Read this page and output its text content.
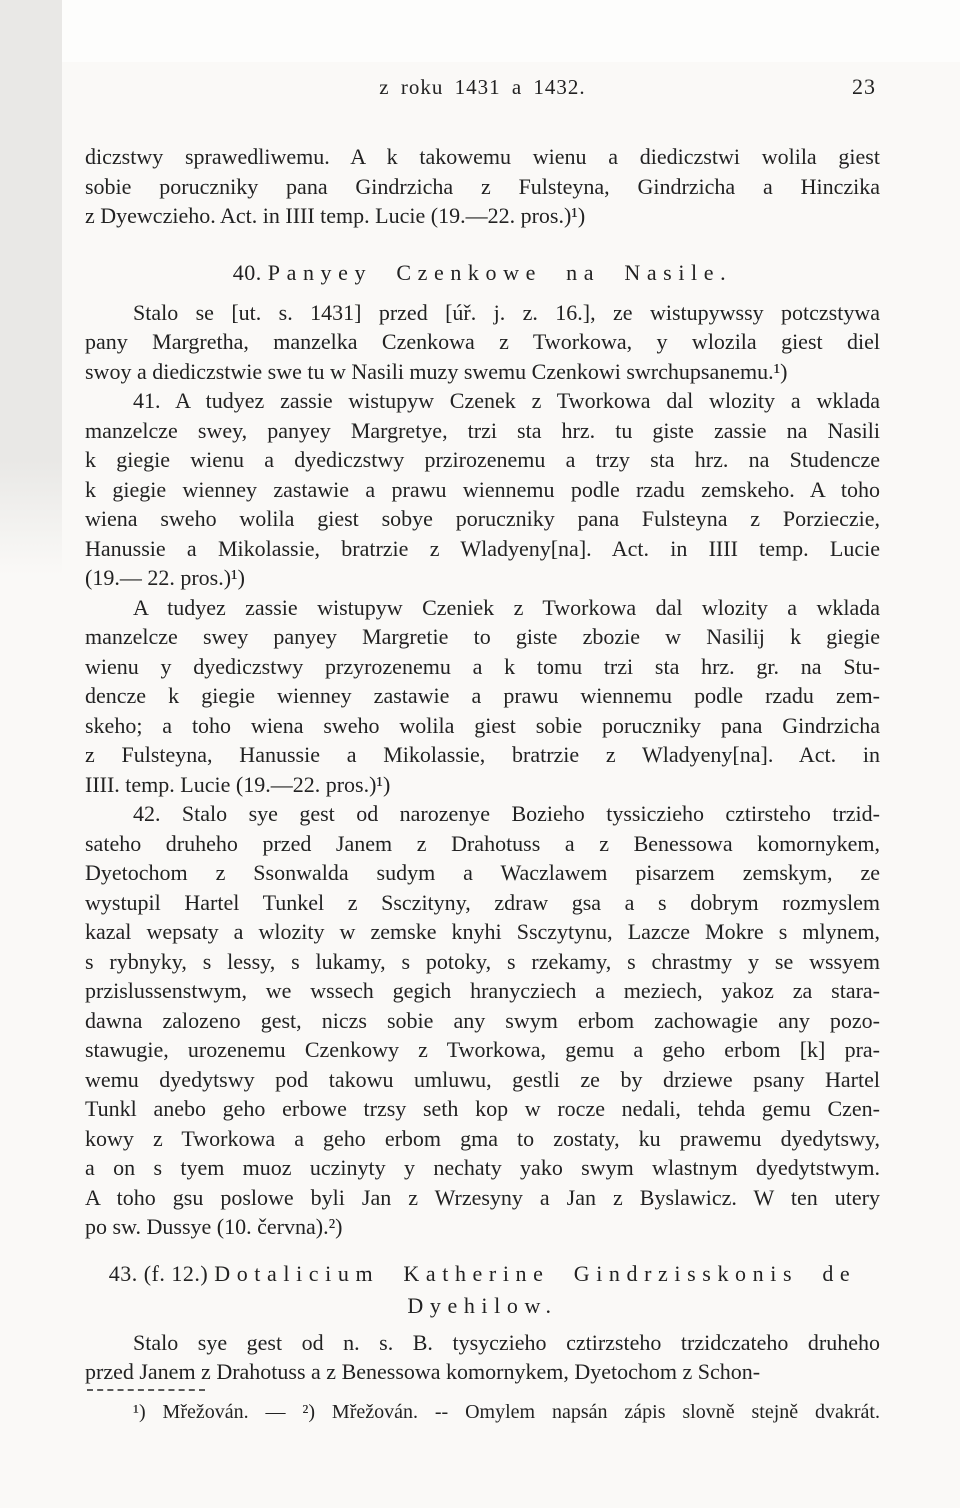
z roku 1431 a 1432.	23
diczstwy sprawedliwemu. A k takowemu wienu a diediczstwi wolila giest
sobie poruczniky pana Gindrzicha z Fulsteyna, Gindrzicha a Hinczika
z Dyewczieho. Act. in IIII temp. Lucie (19.—22. pros.)¹)
40. Panyey Czenkowe na Nasile.
Stalo se [ut. s. 1431] przed [úř. j. z. 16.], ze wistupywssy potczstywa
pany Margretha, manzelka Czenkowa z Tworkowa, y wlozila giest diel
swoy a diediczstwie swe tu w Nasili muzy swemu Czenkowi swrchupsanemu.¹)
41. A tudyez zassie wistupyw Czenek z Tworkowa dal wlozity a wklada
manzelcze swey, panyey Margretye, trzi sta hrz. tu giste zassie na Nasili
k giegie wienu a dyediczstwy przirozenemu a trzy sta hrz. na Studencze
k giegie wienney zastawie a prawu wiennemu podle rzadu zemskeho. A toho
wiena sweho wolila giest sobye poruczniky pana Fulsteyna z Porzieczie,
Hanussie a Mikolassie, bratrzie z Wladyeny[na]. Act. in IIII temp. Lucie
(19.— 22. pros.)¹)
A tudyez zassie wistupyw Czeniek z Tworkowa dal wlozity a wklada
manzelcze swey panyey Margretie to giste zbozie w Nasilij k giegie
wienu y dyediczstwy przyrozenemu a k tomu trzi sta hrz. gr. na Stu-
dencze k giegie wienney zastawie a prawu wiennemu podle rzadu zem-
skeho; a toho wiena sweho wolila giest sobie poruczniky pana Gindrzicha
z Fulsteyna, Hanussie a Mikolassie, bratrzie z Wladyeny[na]. Act. in
IIII. temp. Lucie (19.—22. pros.)¹)
42. Stalo sye gest od narozenye Bozieho tyssiczieho cztirsteho trzid-
sateho druheho przed Janem z Drahotuss a z Benessowa komornykem,
Dyetochom z Ssonwalda sudym a Waczlawem pisarzem zemskym, ze
wystupil Hartel Tunkel z Ssczityny, zdraw gsa a s dobrym rozmyslem
kazal wepsaty a wlozity w zemske knyhi Ssczytynu, Lazcze Mokre s mlynem,
s rybnyky, s lessy, s lukamy, s potoky, s rzekamy, s chrastmy y se wssyem
przislussenstwym, we wssech gegich hranycziech a meziech, yakoz za stara-
dawna zalozeno gest, niczs sobie any swym erbom zachowagie any pozo-
stawugie, urozenemu Czenkowy z Tworkowa, gemu a geho erbom [k] pra-
wemu dyedytswy pod takowu umluwu, gestli ze by drziewe psany Hartel
Tunkl anebo geho erbowe trzsy seth kop w rocze nedali, tehda gemu Czen-
kowy z Tworkowa a geho erbom gma to zostaty, ku prawemu dyedytswy,
a on s tyem muoz uczinyty y nechaty yako swym wlastnym dyedytstwym.
A toho gsu poslowe byli Jan z Wrzesyny a Jan z Byslawicz. W ten utery
po sw. Dussye (10. června).²)
43. (f. 12.) Dotalicium Katherine Gindrzisskonis de
Dyehilow.
Stalo sye gest od n. s. B. tysyczieho cztirzsteho trzidczateho druheho
przed Janem z Drahotuss a z Benessowa komornykem, Dyetochom z Schon-
¹) Mřežován. — ²) Mřežován. -- Omylem napsán zápis slovně stejně dvakrát.
